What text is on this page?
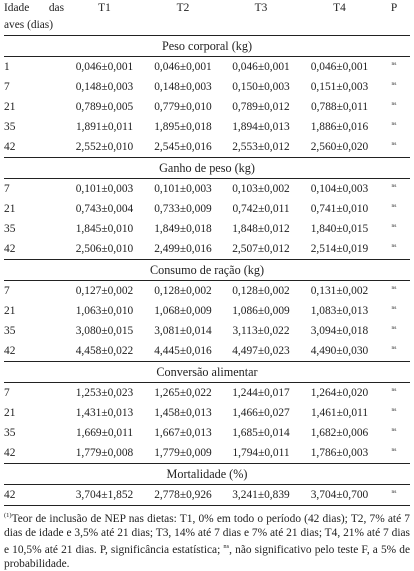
Idade das
aves (dias)	T1	T2	T3	T4	P
Peso corporal (kg)					
1	0,046±0,001	0,046±0,001	0,046±0,001	0,046±0,001	ns
7	0,148±0,003	0,148±0,003	0,150±0,003	0,151±0,003	ns
21	0,789±0,005	0,779±0,010	0,789±0,012	0,788±0,011	ns
35	1,891±0,011	1,895±0,018	1,894±0,013	1,886±0,016	ns
42	2,552±0,010	2,545±0,016	2,553±0,012	2,560±0,020	ns
Ganho de peso (kg)					
7	0,101±0,003	0,101±0,003	0,103±0,002	0,104±0,003	ns
21	0,743±0,004	0,733±0,009	0,742±0,011	0,741±0,010	ns
35	1,845±0,010	1,849±0,018	1,848±0,012	1,840±0,015	ns
42	2,506±0,010	2,499±0,016	2,507±0,012	2,514±0,019	ns
Consumo de ração (kg)					
7	0,127±0,002	0,128±0,002	0,128±0,002	0,131±0,002	ns
21	1,063±0,010	1,068±0,009	1,086±0,009	1,083±0,013	ns
35	3,080±0,015	3,081±0,014	3,113±0,022	3,094±0,018	ns
42	4,458±0,022	4,445±0,016	4,497±0,023	4,490±0,030	ns
Conversão alimentar					
7	1,253±0,023	1,265±0,022	1,244±0,017	1,264±0,020	ns
21	1,431±0,013	1,458±0,013	1,466±0,027	1,461±0,011	ns
35	1,669±0,011	1,667±0,013	1,685±0,014	1,682±0,006	ns
42	1,779±0,008	1,779±0,009	1,794±0,011	1,786±0,003	ns
Mortalidade (%)					
42	3,704±1,852	2,778±0,926	3,241±0,839	3,704±0,700	ns
$^{(1)}$Teor de inclusão de NEP nas dietas: T1, 0% em todo o período (42 dias); T2, 7% até 7 dias de idade e 3,5% até 21 dias; T3, 14% até 7 dias e 7% até 21 dias; T4, 21% até 7 dias e 10,5% até 21 dias. P, significância estatística; $^{ns}$, não significativo pelo teste F, a 5% de probabilidade.
